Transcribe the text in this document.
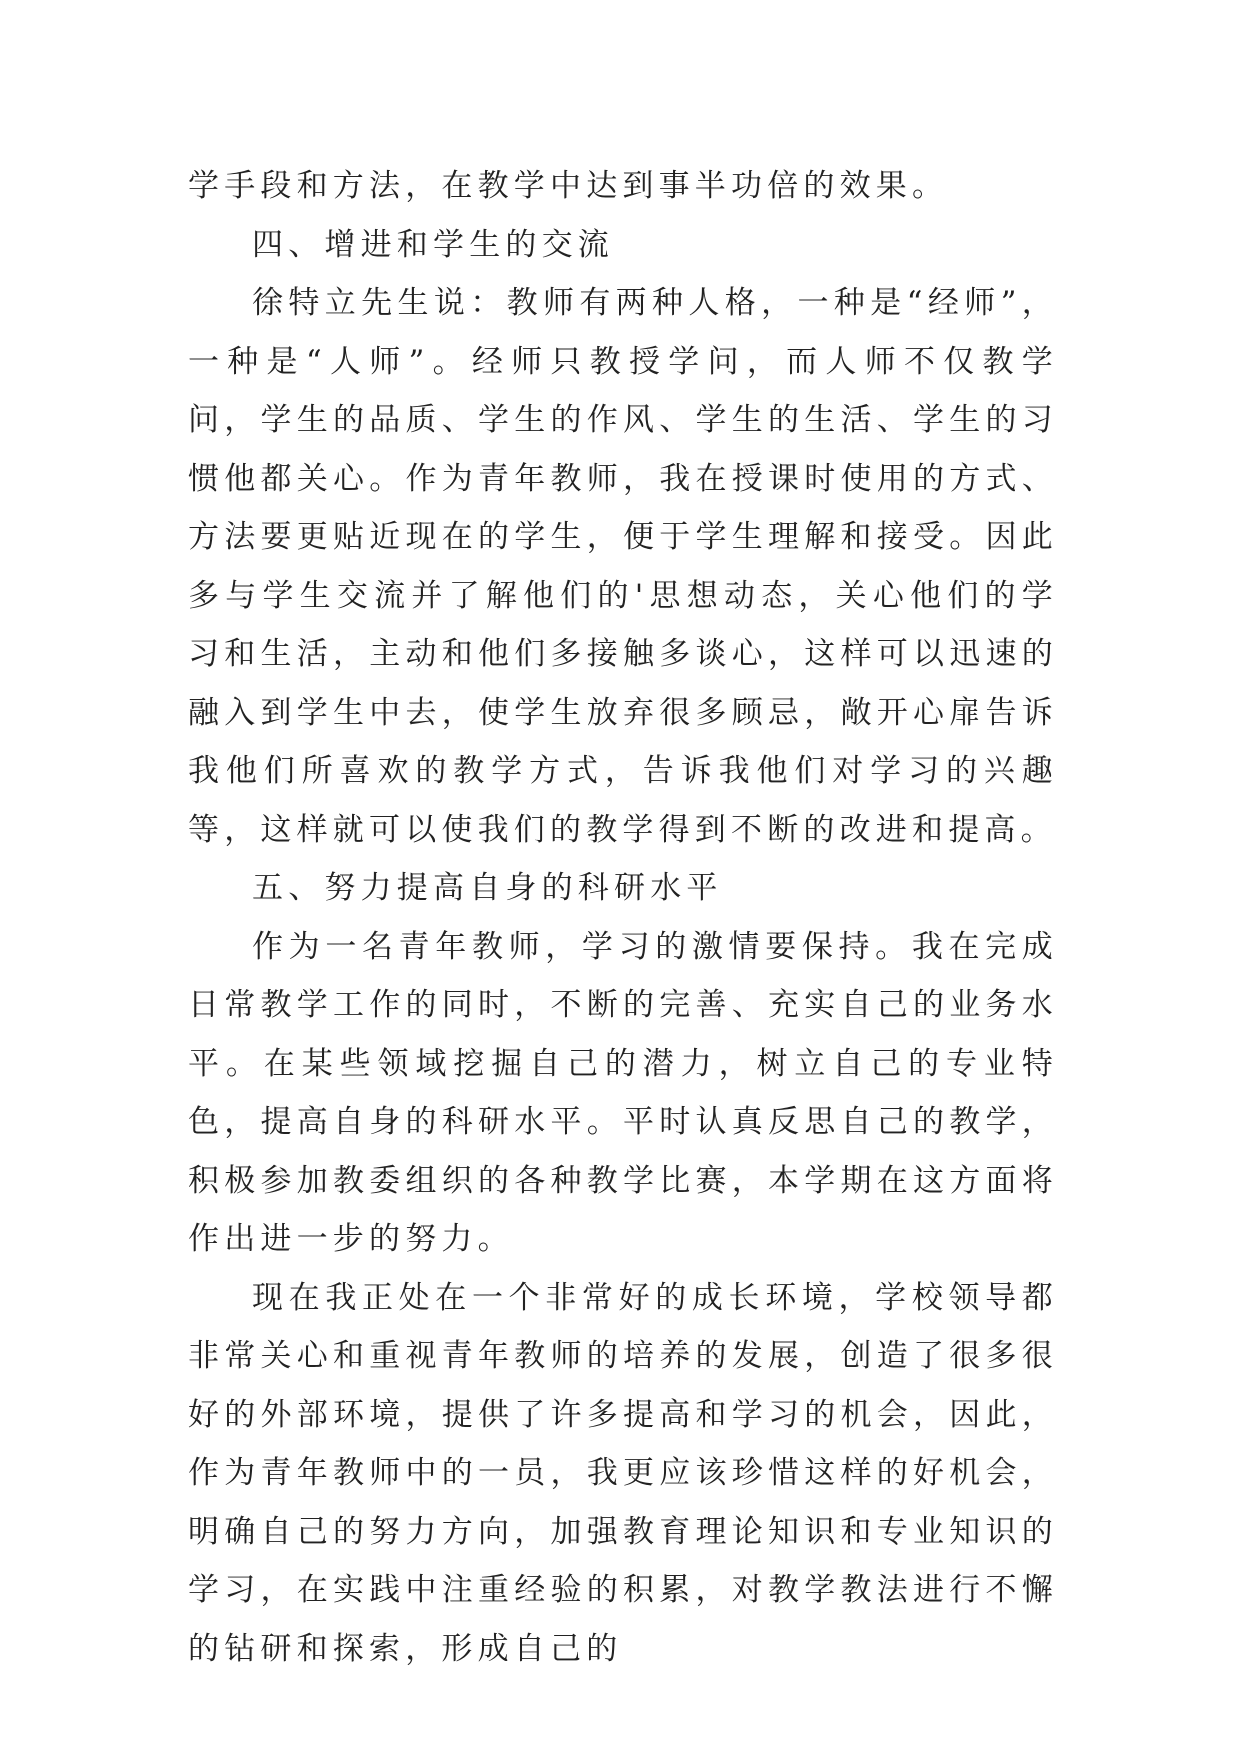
学手段和方法，在教学中达到事半功倍的效果。

四、增进和学生的交流

徐特立先生说：教师有两种人格，一种是“经师”，一种是“人师”。经师只教授学问，而人师不仅教学问，学生的品质、学生的作风、学生的生活、学生的习惯他都关心。作为青年教师，我在授课时使用的方式、方法要更贴近现在的学生，便于学生理解和接受。因此多与学生交流并了解他们的'思想动态，关心他们的学习和生活，主动和他们多接触多谈心，这样可以迅速的融入到学生中去，使学生放弃很多顾忌，敞开心扉告诉我他们所喜欢的教学方式，告诉我他们对学习的兴趣等，这样就可以使我们的教学得到不断的改进和提高。

五、努力提高自身的科研水平

作为一名青年教师，学习的激情要保持。我在完成日常教学工作的同时，不断的完善、充实自己的业务水平。在某些领域挖掘自己的潜力，树立自己的专业特色，提高自身的科研水平。平时认真反思自己的教学，积极参加教委组织的各种教学比赛，本学期在这方面将作出进一步的努力。

现在我正处在一个非常好的成长环境，学校领导都非常关心和重视青年教师的培养的发展，创造了很多很好的外部环境，提供了许多提高和学习的机会，因此，作为青年教师中的一员，我更应该珍惜这样的好机会，明确自己的努力方向，加强教育理论知识和专业知识的学习，在实践中注重经验的积累，对教学教法进行不懈的钻研和探索，形成自己的
